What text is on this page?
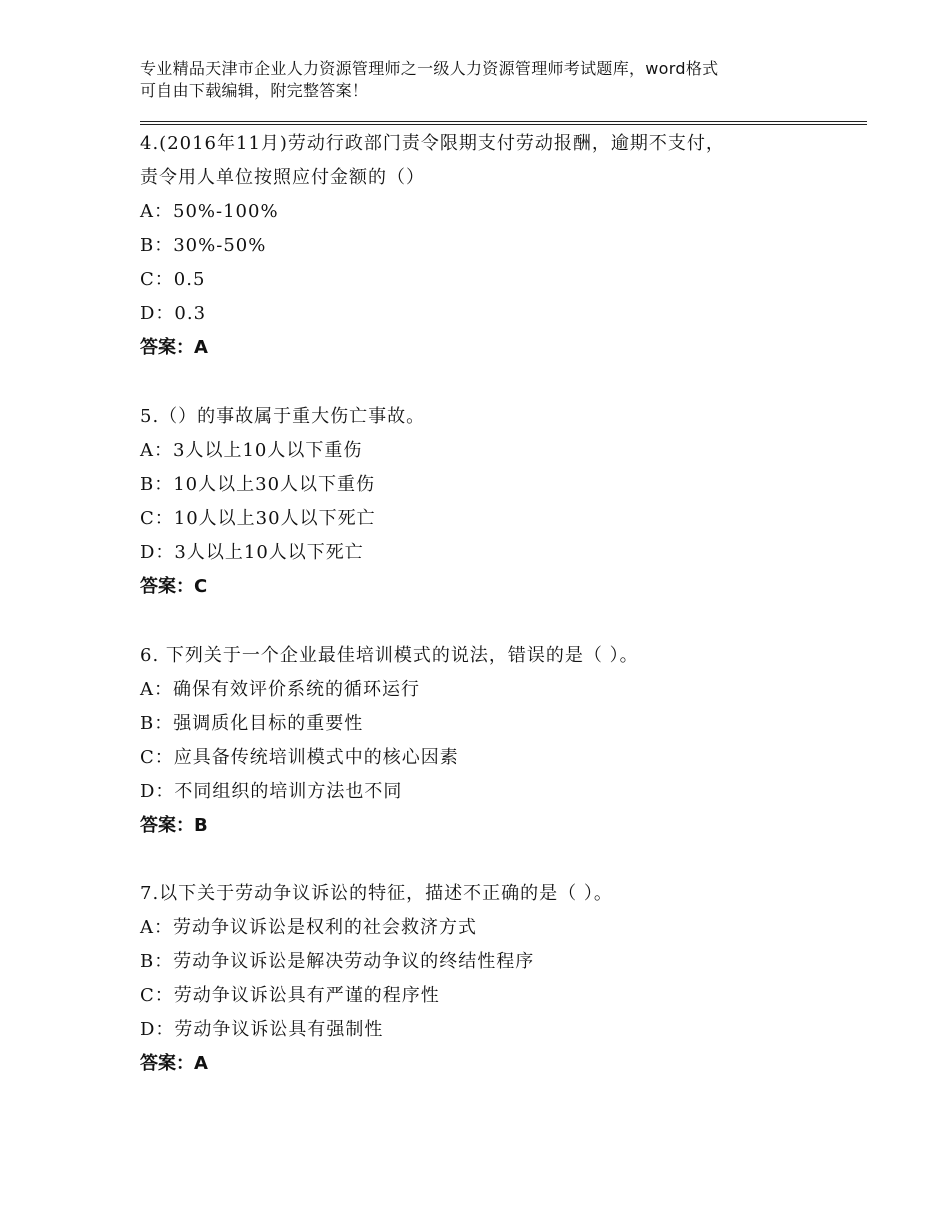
专业精品天津市企业人力资源管理师之一级人力资源管理师考试题库，word格式
可自由下载编辑，附完整答案！
4.(2016年11月)劳动行政部门责令限期支付劳动报酬，逾期不支付，
责令用人单位按照应付金额的（）
A：50%-100%
B：30%-50%
C：0.5
D：0.3
答案：A
5.（）的事故属于重大伤亡事故。
A：3人以上10人以下重伤
B：10人以上30人以下重伤
C：10人以上30人以下死亡
D：3人以上10人以下死亡
答案：C
6. 下列关于一个企业最佳培训模式的说法，错误的是（ ）。
A：确保有效评价系统的循环运行
B：强调质化目标的重要性
C：应具备传统培训模式中的核心因素
D：不同组织的培训方法也不同
答案：B
7.以下关于劳动争议诉讼的特征，描述不正确的是（ ）。
A：劳动争议诉讼是权利的社会救济方式
B：劳动争议诉讼是解决劳动争议的终结性程序
C：劳动争议诉讼具有严谨的程序性
D：劳动争议诉讼具有强制性
答案：A
